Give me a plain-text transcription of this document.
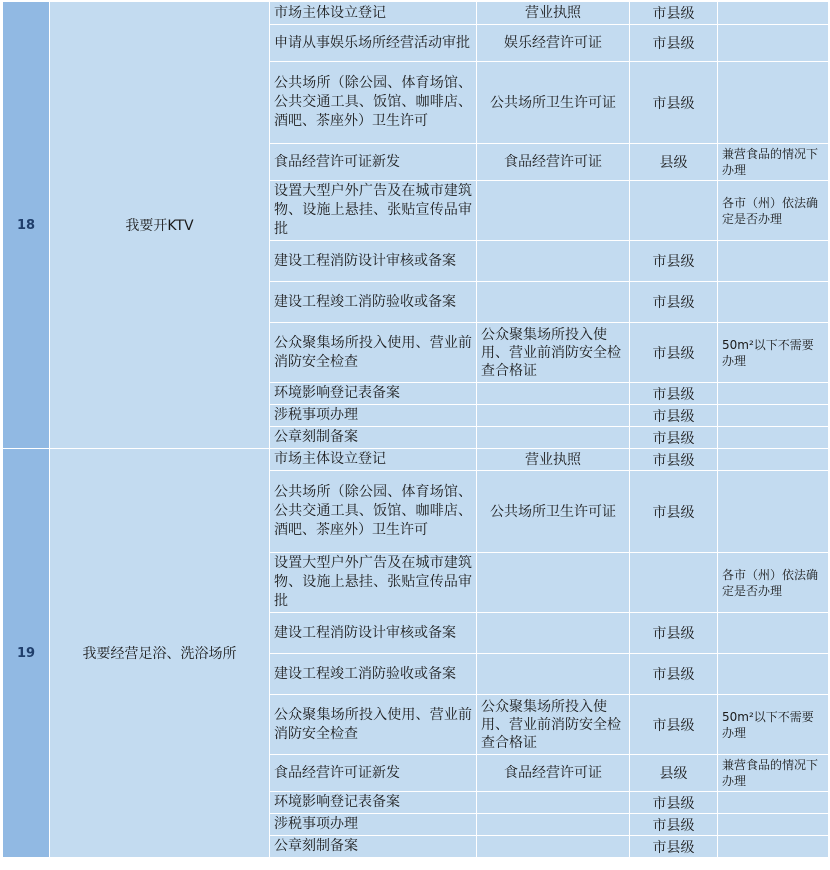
18	我要开KTV	市场主体设立登记	营业执照	市县级	
		申请从事娱乐场所经营活动审批	娱乐经营许可证	市县级	
		公共场所（除公园、体育场馆、公共交通工具、饭馆、咖啡店、酒吧、茶座外）卫生许可	公共场所卫生许可证	市县级	
		食品经营许可证新发	食品经营许可证	县级	兼营食品的情况下办理
		设置大型户外广告及在城市建筑物、设施上悬挂、张贴宣传品审批			各市（州）依法确定是否办理
		建设工程消防设计审核或备案		市县级	
		建设工程竣工消防验收或备案		市县级	
		公众聚集场所投入使用、营业前消防安全检查	公众聚集场所投入使用、营业前消防安全检查合格证	市县级	50m²以下不需要办理
		环境影响登记表备案		市县级	
		涉税事项办理		市县级	
		公章刻制备案		市县级	
19	我要经营足浴、洗浴场所	市场主体设立登记	营业执照	市县级	
		公共场所（除公园、体育场馆、公共交通工具、饭馆、咖啡店、酒吧、茶座外）卫生许可	公共场所卫生许可证	市县级	
		设置大型户外广告及在城市建筑物、设施上悬挂、张贴宣传品审批			各市（州）依法确定是否办理
		建设工程消防设计审核或备案		市县级	
		建设工程竣工消防验收或备案		市县级	
		公众聚集场所投入使用、营业前消防安全检查	公众聚集场所投入使用、营业前消防安全检查合格证	市县级	50m²以下不需要办理
		食品经营许可证新发	食品经营许可证	县级	兼营食品的情况下办理
		环境影响登记表备案		市县级	
		涉税事项办理		市县级	
		公章刻制备案		市县级	
